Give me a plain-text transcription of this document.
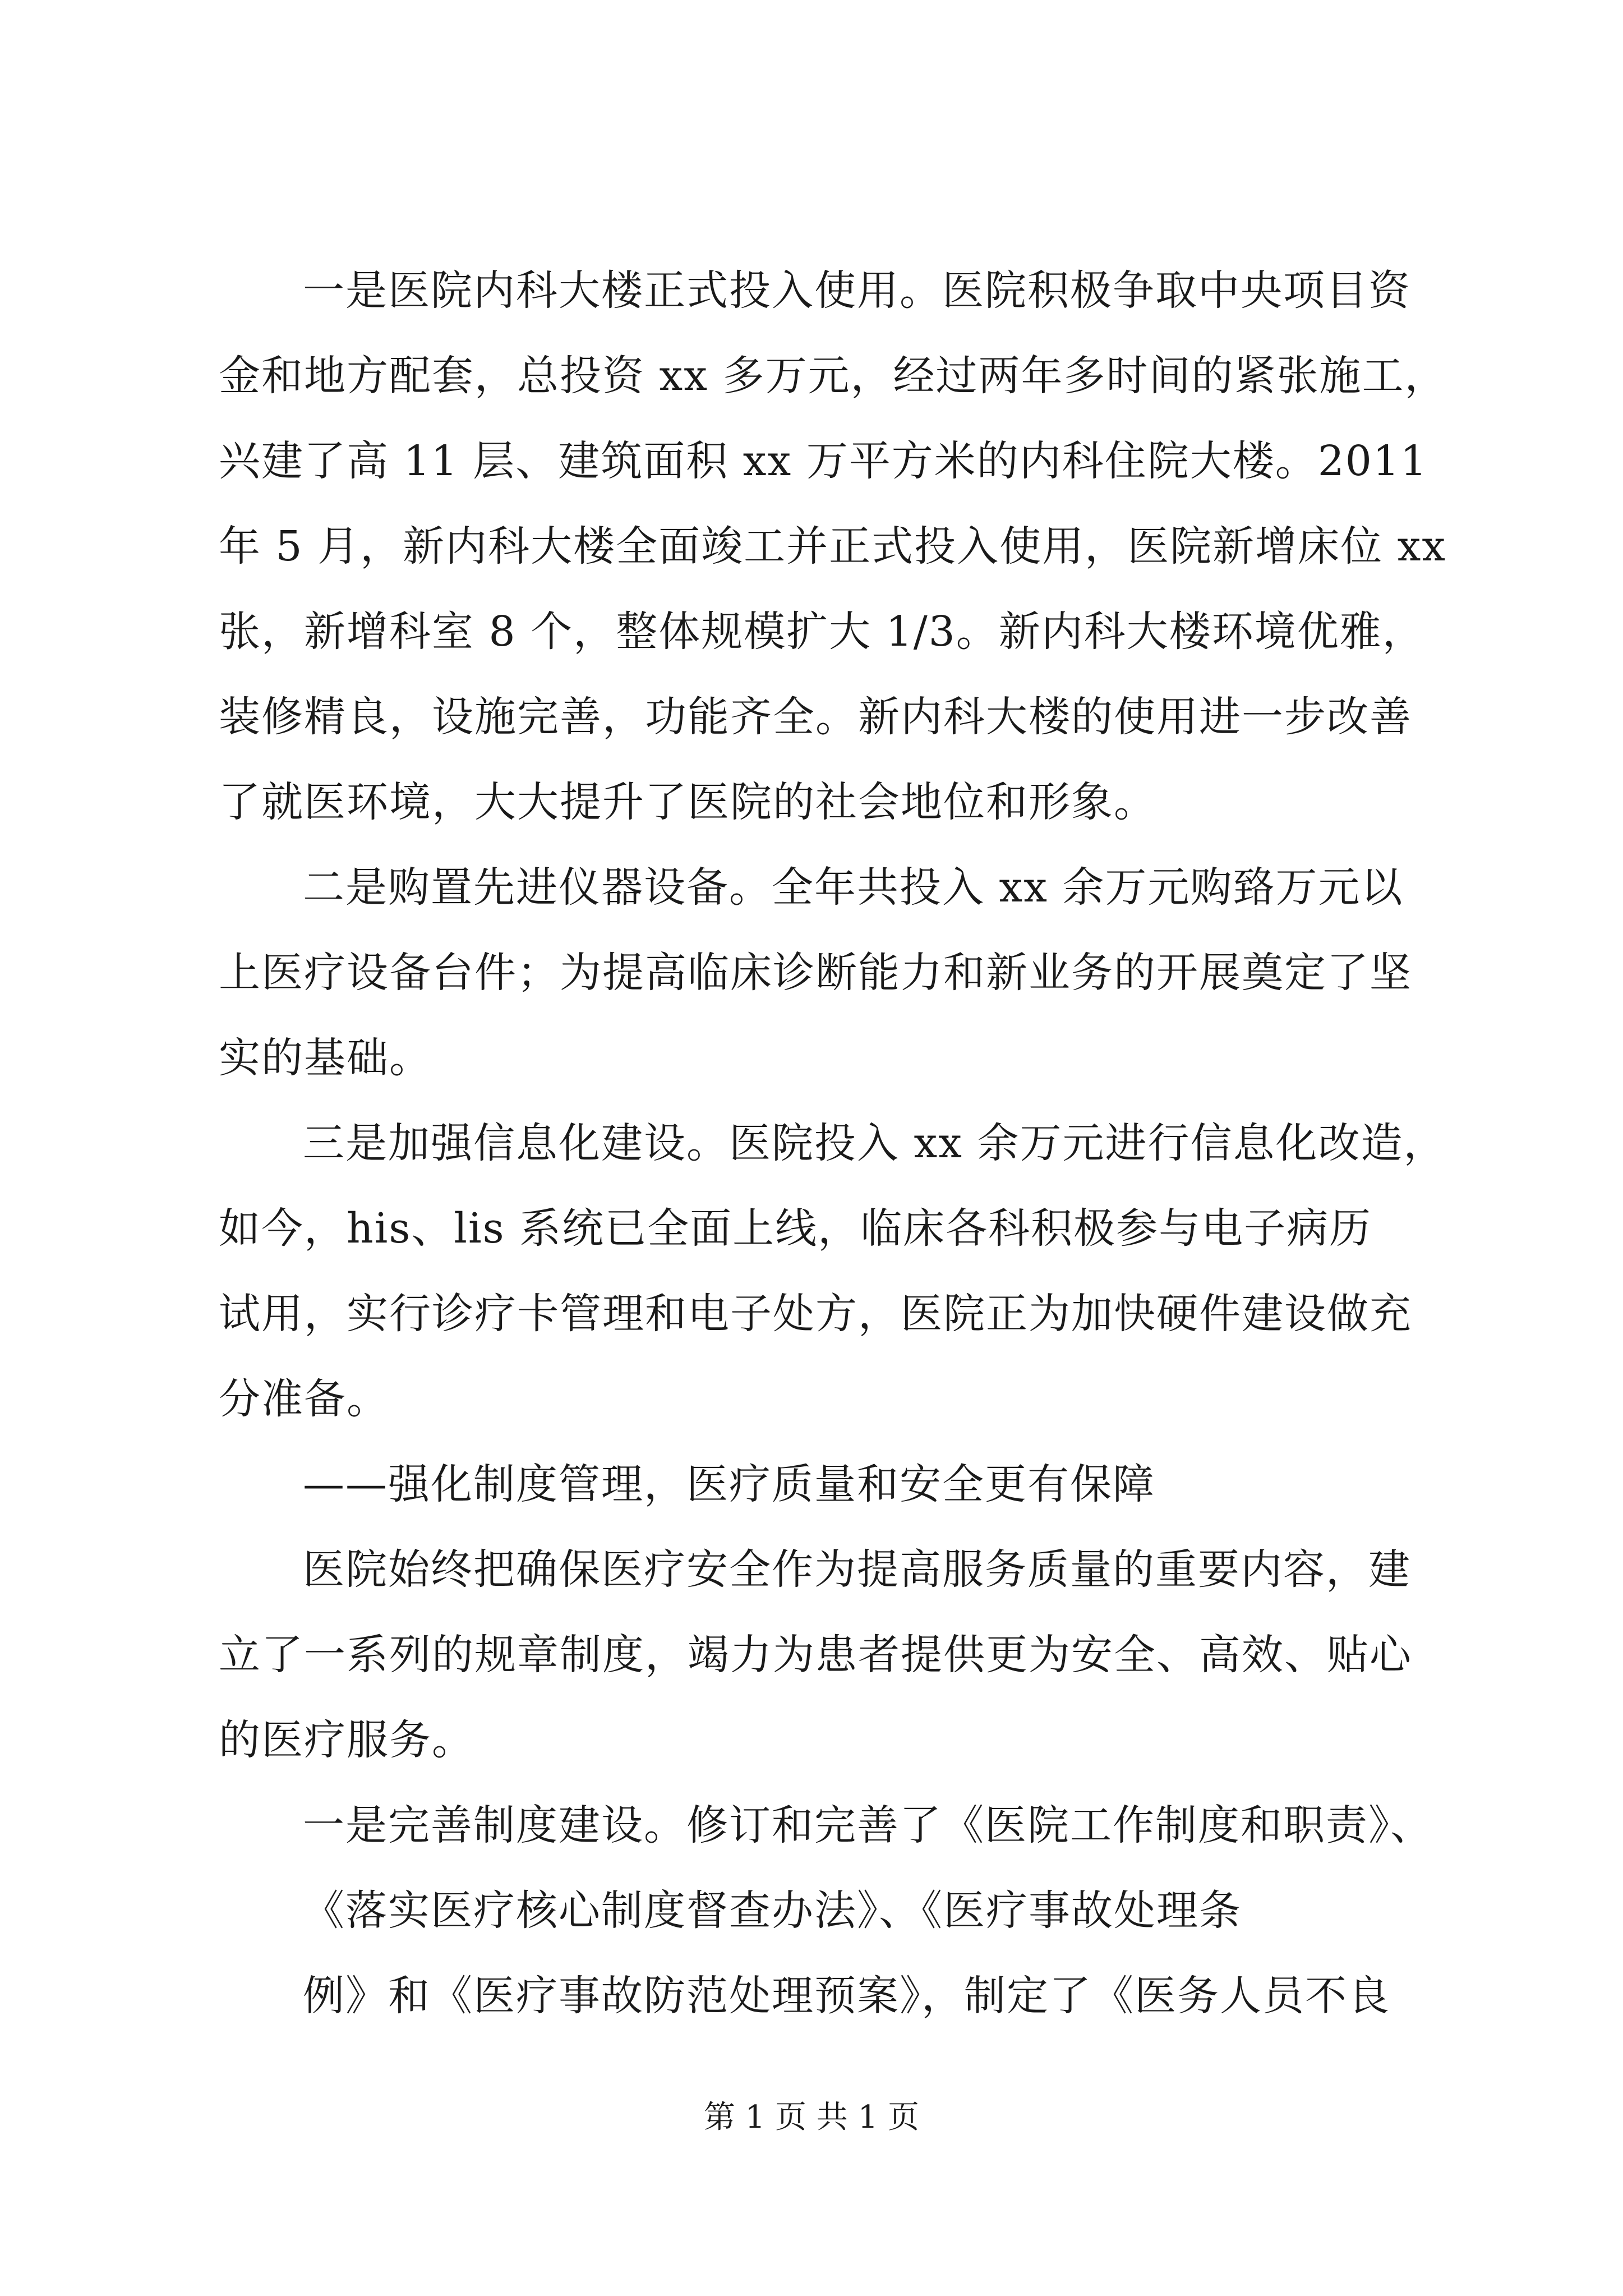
一是医院内科大楼正式投入使用。医院积极争取中央项目资
金和地方配套，总投资 xx 多万元，经过两年多时间的紧张施工，
兴建了高 11 层、建筑面积 xx 万平方米的内科住院大楼。2011
年 5 月，新内科大楼全面竣工并正式投入使用，医院新增床位 xx
张，新增科室 8 个，整体规模扩大 1/3。新内科大楼环境优雅，
装修精良，设施完善，功能齐全。新内科大楼的使用进一步改善
了就医环境，大大提升了医院的社会地位和形象。
二是购置先进仪器设备。全年共投入 xx 余万元购臵万元以
上医疗设备台件；为提高临床诊断能力和新业务的开展奠定了坚
实的基础。
三是加强信息化建设。医院投入 xx 余万元进行信息化改造，
如今，his、lis 系统已全面上线，临床各科积极参与电子病历
试用，实行诊疗卡管理和电子处方，医院正为加快硬件建设做充
分准备。
——强化制度管理，医疗质量和安全更有保障
医院始终把确保医疗安全作为提高服务质量的重要内容，建
立了一系列的规章制度，竭力为患者提供更为安全、高效、贴心
的医疗服务。
一是完善制度建设。修订和完善了《医院工作制度和职责》、
《落实医疗核心制度督查办法》、《医疗事故处理条
例》和《医疗事故防范处理预案》，制定了《医务人员不良
第 1 页 共 1 页
